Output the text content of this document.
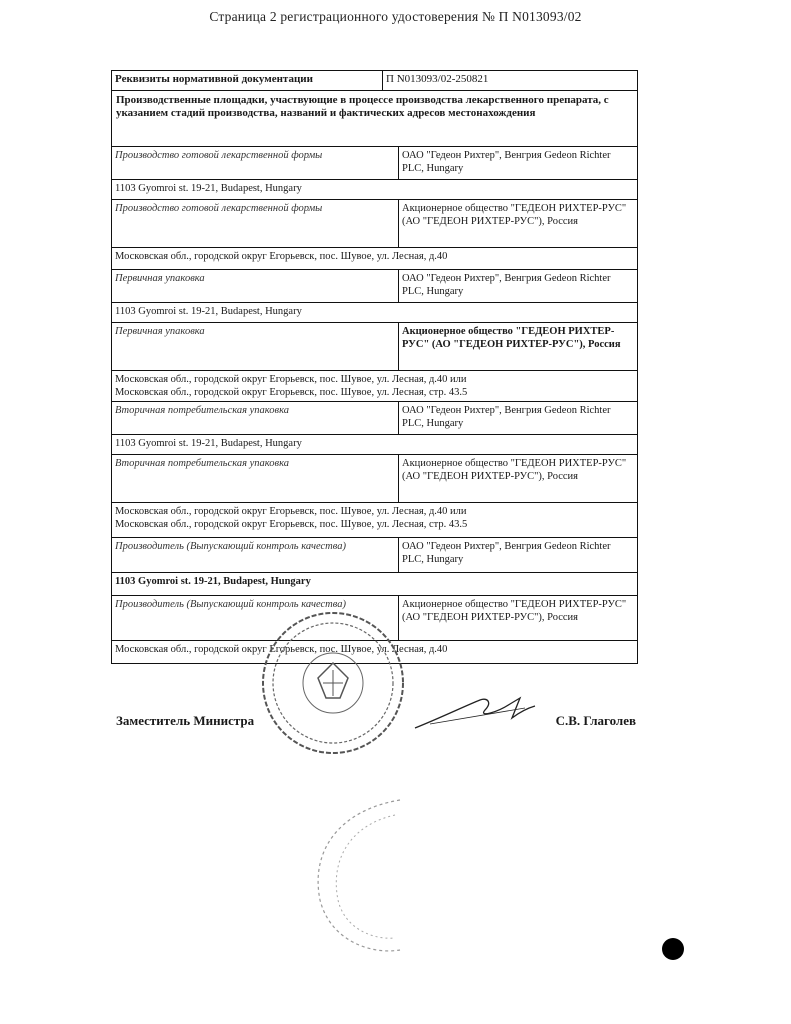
Страница 2 регистрационного удостоверения № П N013093/02
Реквизиты нормативной документации	П N013093/02-250821
Производственные площадки, участвующие в процессе производства лекарственного препарата, с указанием стадий производства, названий и фактических адресов местонахождения
Производство готовой лекарственной формы	ОАО "Гедеон Рихтер", Венгрия Gedeon Richter PLC, Hungary
1103 Gyomroi st. 19-21, Budapest, Hungary
Производство готовой лекарственной формы	Акционерное общество "ГЕДЕОН РИХТЕР-РУС" (АО "ГЕДЕОН РИХТЕР-РУС"), Россия
Московская обл., городской округ Егорьевск, пос. Шувое, ул. Лесная, д.40
Первичная упаковка	ОАО "Гедеон Рихтер", Венгрия Gedeon Richter PLC, Hungary
1103 Gyomroi st. 19-21, Budapest, Hungary
Первичная упаковка	Акционерное общество "ГЕДЕОН РИХТЕР-РУС" (АО "ГЕДЕОН РИХТЕР-РУС"), Россия
Московская обл., городской округ Егорьевск, пос. Шувое, ул. Лесная, д.40 или
Московская обл., городской округ Егорьевск, пос. Шувое, ул. Лесная, стр. 43.5
Вторичная потребительская упаковка	ОАО "Гедеон Рихтер", Венгрия Gedeon Richter PLC, Hungary
1103 Gyomroi st. 19-21, Budapest, Hungary
Вторичная потребительская упаковка	Акционерное общество "ГЕДЕОН РИХТЕР-РУС" (АО "ГЕДЕОН РИХТЕР-РУС"), Россия
Московская обл., городской округ Егорьевск, пос. Шувое, ул. Лесная, д.40 или
Московская обл., городской округ Егорьевск, пос. Шувое, ул. Лесная, стр. 43.5
Производитель (Выпускающий контроль качества)	ОАО "Гедеон Рихтер", Венгрия Gedeon Richter PLC, Hungary
1103 Gyomroi st. 19-21, Budapest, Hungary
Производитель (Выпускающий контроль качества)	Акционерное общество "ГЕДЕОН РИХТЕР-РУС" (АО "ГЕДЕОН РИХТЕР-РУС"), Россия
Московская обл., городской округ Егорьевск, пос. Шувое, ул. Лесная, д.40
Заместитель Министра	С.В. Глаголев
